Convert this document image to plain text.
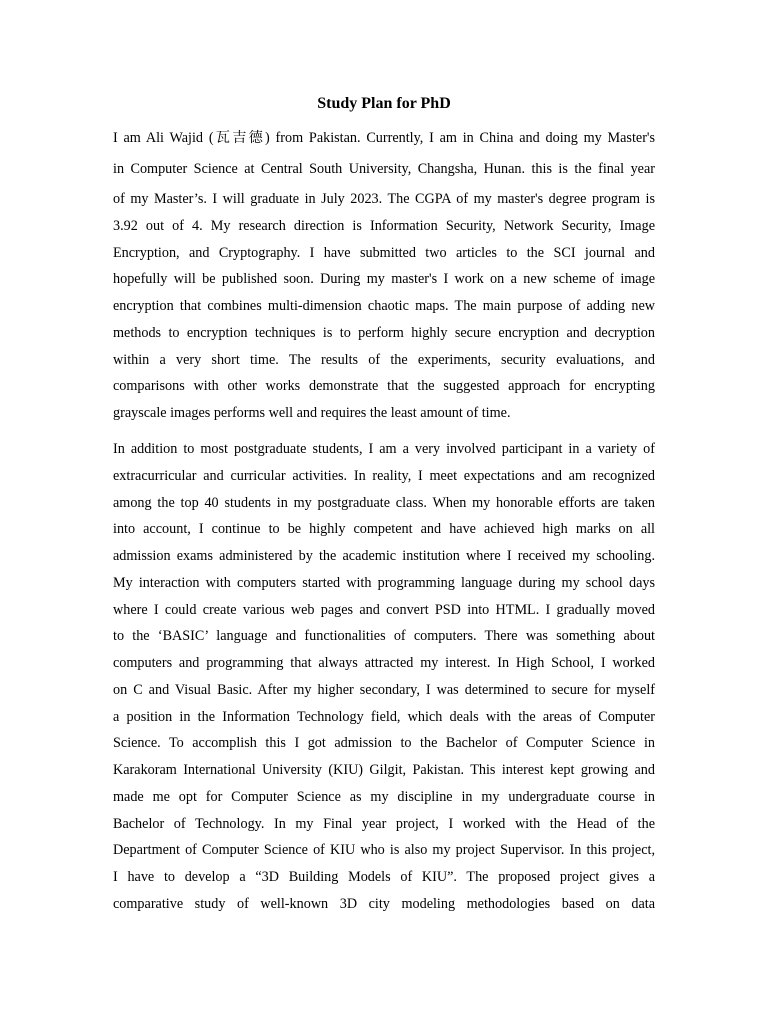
Study Plan for PhD
I am Ali Wajid (瓦吉德) from Pakistan. Currently, I am in China and doing my Master's
in Computer Science at Central South University, Changsha, Hunan. this is the final year
of my Master’s. I will graduate in July 2023. The CGPA of my master's degree program is
3.92 out of 4. My research direction is Information Security, Network Security, Image
Encryption, and Cryptography. I have submitted two articles to the SCI journal and
hopefully will be published soon. During my master's I work on a new scheme of image
encryption that combines multi-dimension chaotic maps. The main purpose of adding new
methods to encryption techniques is to perform highly secure encryption and decryption
within a very short time. The results of the experiments, security evaluations, and
comparisons with other works demonstrate that the suggested approach for encrypting
grayscale images performs well and requires the least amount of time.
In addition to most postgraduate students, I am a very involved participant in a variety of
extracurricular and curricular activities. In reality, I meet expectations and am recognized
among the top 40 students in my postgraduate class. When my honorable efforts are taken
into account, I continue to be highly competent and have achieved high marks on all
admission exams administered by the academic institution where I received my schooling.
My interaction with computers started with programming language during my school days
where I could create various web pages and convert PSD into HTML. I gradually moved
to the ‘BASIC’ language and functionalities of computers. There was something about
computers and programming that always attracted my interest. In High School, I worked
on C and Visual Basic. After my higher secondary, I was determined to secure for myself
a position in the Information Technology field, which deals with the areas of Computer
Science. To accomplish this I got admission to the Bachelor of Computer Science in
Karakoram International University (KIU) Gilgit, Pakistan. This interest kept growing and
made me opt for Computer Science as my discipline in my undergraduate course in
Bachelor of Technology. In my Final year project, I worked with the Head of the
Department of Computer Science of KIU who is also my project Supervisor. In this project,
I have to develop a “3D Building Models of KIU”. The proposed project gives a
comparative study of well-known 3D city modeling methodologies based on data
